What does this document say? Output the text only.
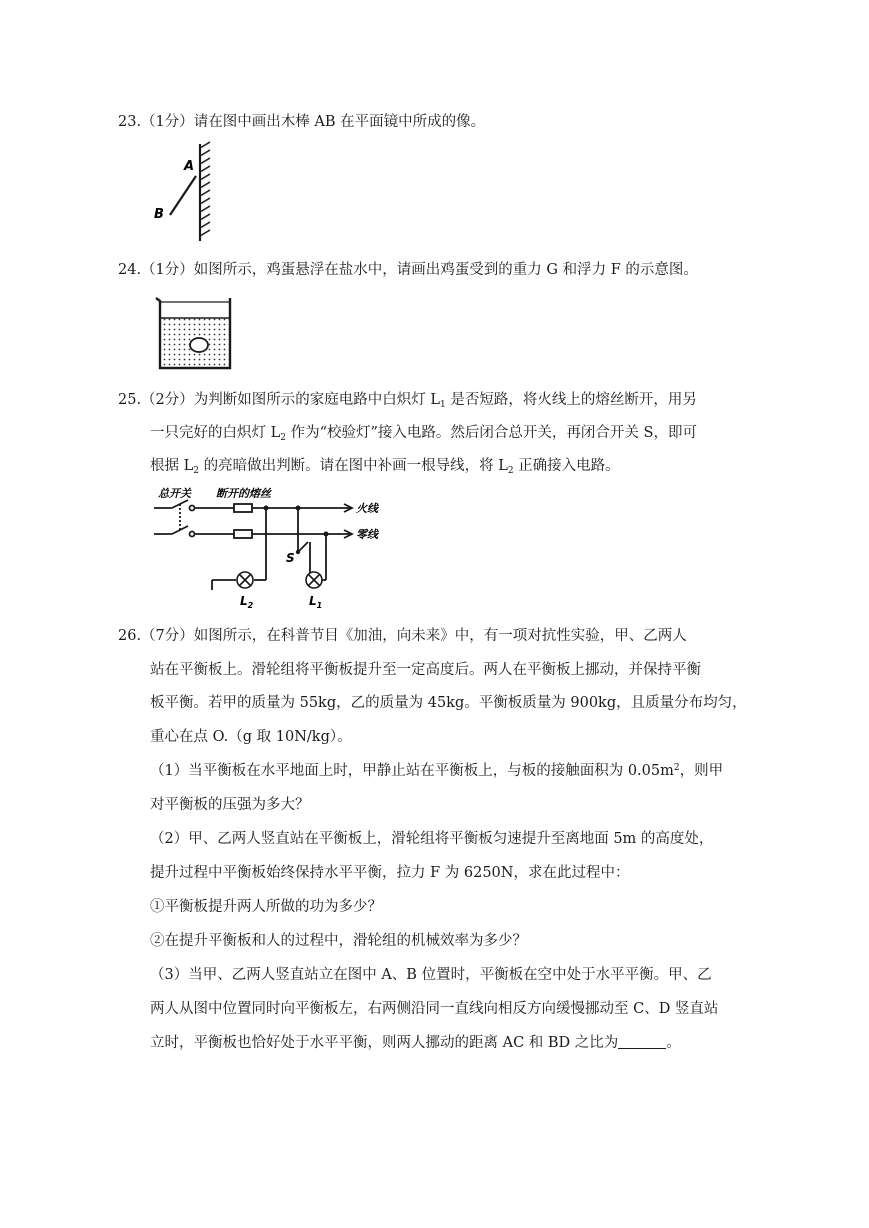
23.（1分）请在图中画出木棒 AB 在平面镜中所成的像。
A
B
24.（1分）如图所示，鸡蛋悬浮在盐水中，请画出鸡蛋受到的重力 G 和浮力 F 的示意图。
25.（2分）为判断如图所示的家庭电路中白炽灯 $L_1$ 是否短路，将火线上的熔丝断开，用另
一只完好的白炽灯 $L_2$ 作为“校验灯”接入电路。然后闭合总开关，再闭合开关 S，即可
根据 $L_2$ 的亮暗做出判断。请在图中补画一根导线，将 $L_2$ 正确接入电路。
总开关 断开的熔丝
火线
零线
S
$L_2$	$L_1$
26.（7分）如图所示，在科普节目《加油，向未来》中，有一项对抗性实验，甲、乙两人
站在平衡板上。滑轮组将平衡板提升至一定高度后。两人在平衡板上挪动，并保持平衡
板平衡。若甲的质量为 55kg，乙的质量为 45kg。平衡板质量为 900kg，且质量分布均匀，
重心在点 O.（g 取 10N/kg）。
（1）当平衡板在水平地面上时，甲静止站在平衡板上，与板的接触面积为 $0.05m^2$，则甲
对平衡板的压强为多大？
（2）甲、乙两人竖直站在平衡板上，滑轮组将平衡板匀速提升至离地面 5m 的高度处，
提升过程中平衡板始终保持水平平衡，拉力 F 为 6250N，求在此过程中：
①平衡板提升两人所做的功为多少？
②在提升平衡板和人的过程中，滑轮组的机械效率为多少？
（3）当甲、乙两人竖直站立在图中 A、B 位置时，平衡板在空中处于水平平衡。甲、乙
两人从图中位置同时向平衡板左，右两侧沿同一直线向相反方向缓慢挪动至 C、D 竖直站
立时，平衡板也恰好处于水平平衡，则两人挪动的距离 AC 和 BD 之比为	。
